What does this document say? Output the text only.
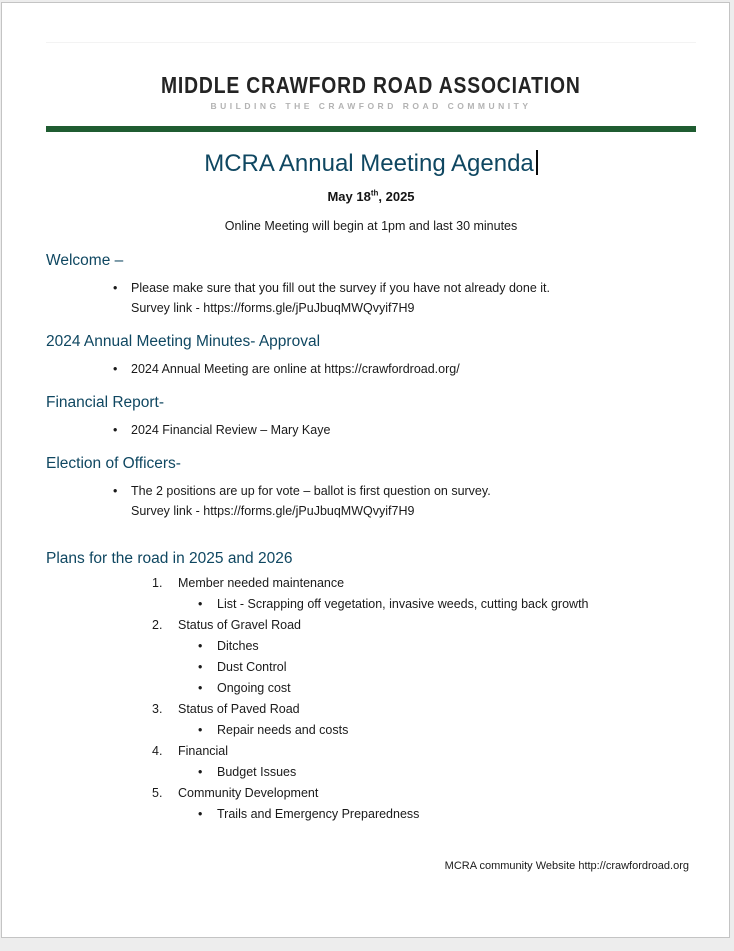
MIDDLE CRAWFORD ROAD ASSOCIATION
BUILDING THE CRAWFORD ROAD COMMUNITY
MCRA Annual Meeting Agenda
May 18th, 2025
Online Meeting will begin at 1pm and last 30 minutes
Welcome –
• Please make sure that you fill out the survey if you have not already done it.
Survey link - https://forms.gle/jPuJbuqMWQvyif7H9
2024 Annual Meeting Minutes- Approval
• 2024 Annual Meeting are online at https://crawfordroad.org/
Financial Report-
• 2024 Financial Review – Mary Kaye
Election of Officers-
• The 2 positions are up for vote – ballot is first question on survey.
Survey link - https://forms.gle/jPuJbuqMWQvyif7H9
Plans for the road in 2025 and 2026
1. Member needed maintenance
• List - Scrapping off vegetation, invasive weeds, cutting back growth
2. Status of Gravel Road
• Ditches
• Dust Control
• Ongoing cost
3. Status of Paved Road
• Repair needs and costs
4. Financial
• Budget Issues
5. Community Development
• Trails and Emergency Preparedness
MCRA community Website http://crawfordroad.org
